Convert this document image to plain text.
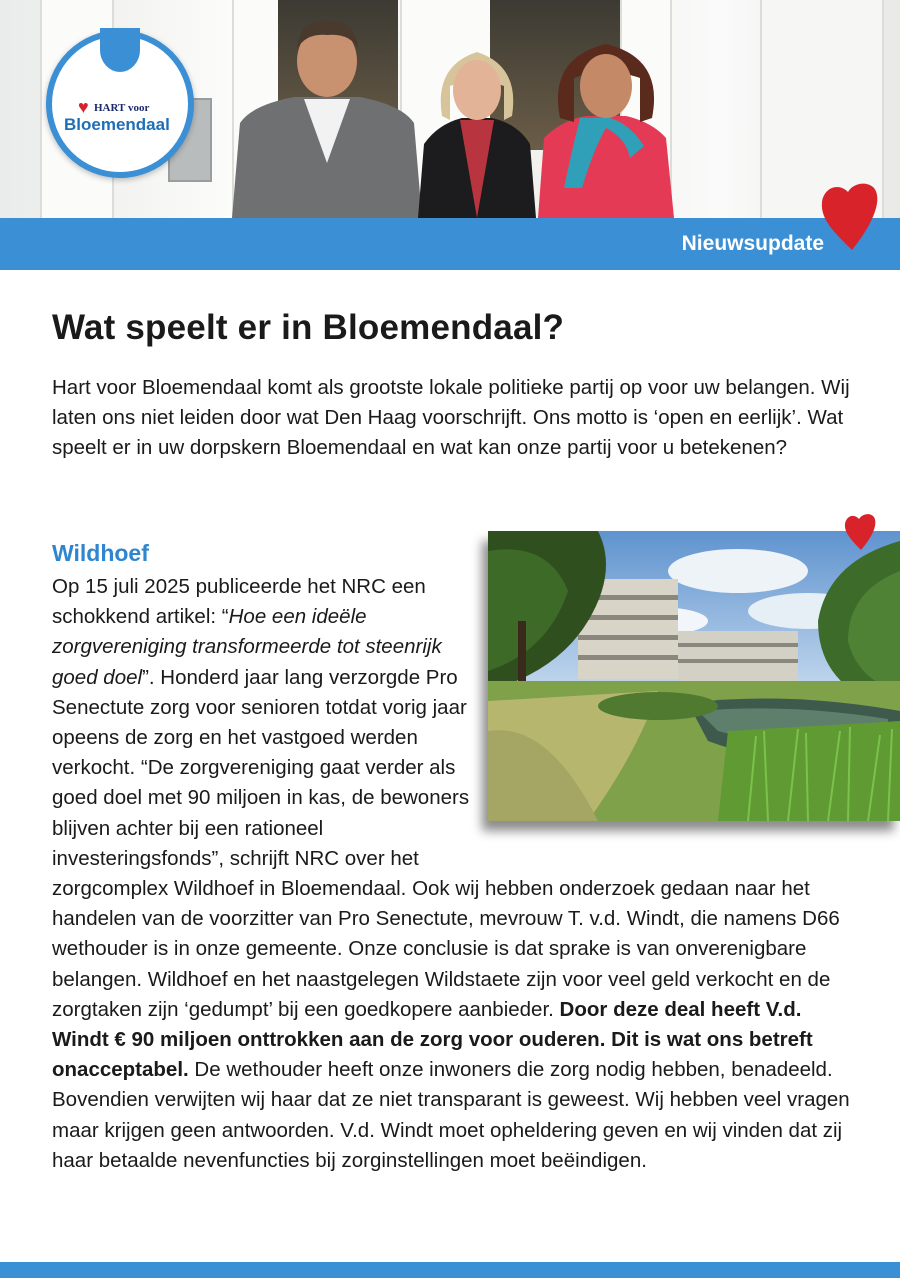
♥ HART voor
Bloemendaal
Nieuwsupdate
Wat speelt er in Bloemendaal?

Hart voor Bloemendaal komt als grootste lokale politieke partij op voor uw belangen. Wij laten ons niet leiden door wat Den Haag voorschrijft. Ons motto is ‘open en eerlijk’. Wat speelt er in uw dorpskern Bloemendaal en wat kan onze partij voor u betekenen?

Wildhoef

Op 15 juli 2025 publiceerde het NRC een schokkend artikel: “Hoe een ideële zorgvereniging transformeerde tot steenrijk goed doel”. Honderd jaar lang verzorgde Pro Senectute zorg voor senioren totdat vorig jaar opeens de zorg en het vastgoed werden verkocht. “De zorgvereniging gaat verder als goed doel met 90 miljoen in kas, de bewoners blijven achter bij een rationeel investeringsfonds”, schrijft NRC over het zorgcomplex Wildhoef in Bloemendaal. Ook wij hebben onderzoek gedaan naar het handelen van de voorzitter van Pro Senectute, mevrouw T. v.d. Windt, die namens D66 wethouder is in onze gemeente. Onze conclusie is dat sprake is van onverenigbare belangen. Wildhoef en het naastgelegen Wildstaete zijn voor veel geld verkocht en de zorgtaken zijn ‘gedumpt’ bij een goedkopere aanbieder. Door deze deal heeft V.d. Windt € 90 miljoen onttrokken aan de zorg voor ouderen. Dit is wat ons betreft onacceptabel. De wethouder heeft onze inwoners die zorg nodig hebben, benadeeld. Bovendien verwijten wij haar dat ze niet transparant is geweest. Wij hebben veel vragen maar krijgen geen antwoorden. V.d. Windt moet opheldering geven en wij vinden dat zij haar betaalde nevenfuncties bij zorginstellingen moet beëindigen.
